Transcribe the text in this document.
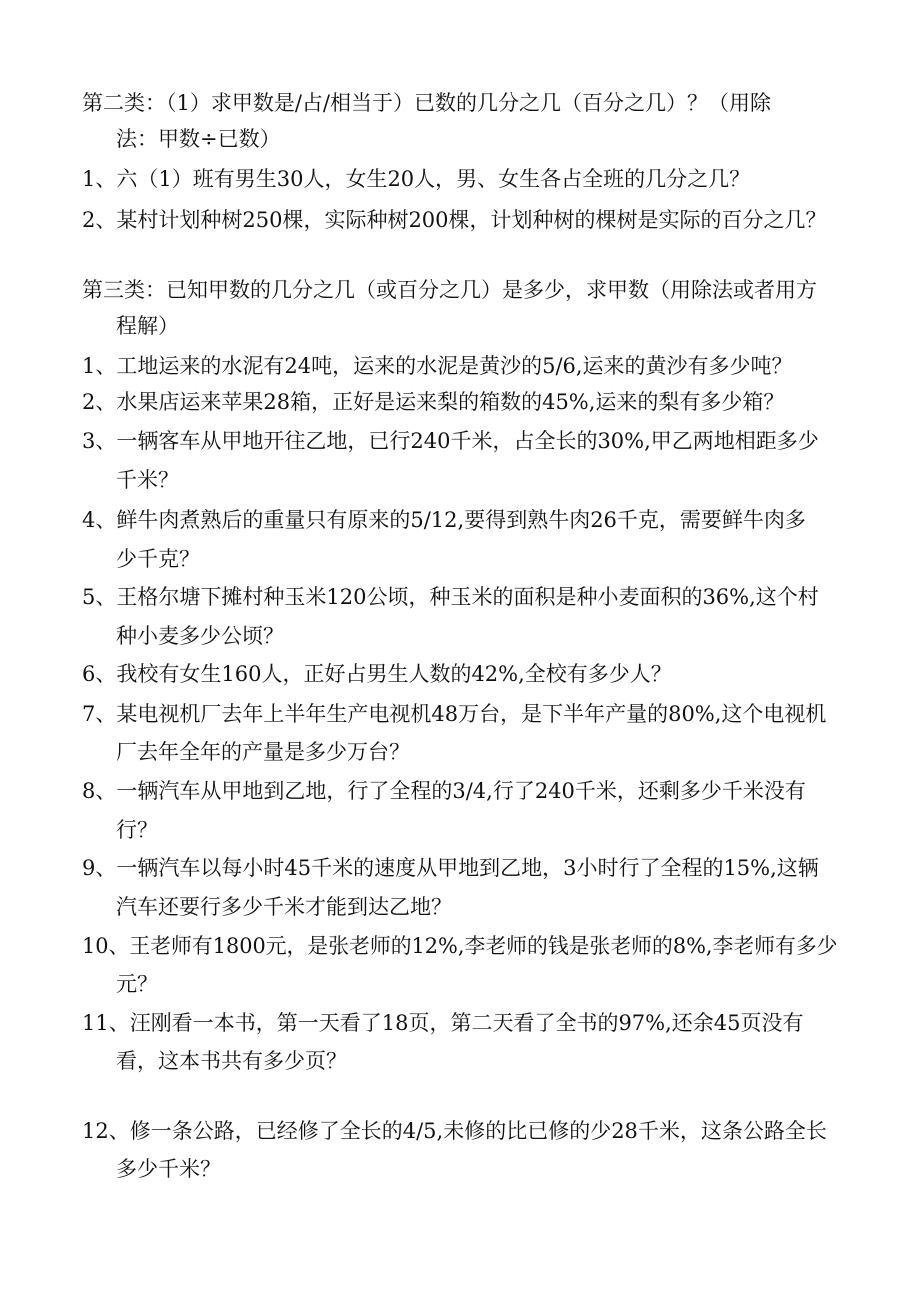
第二类：（1）求甲数是/占/相当于）已数的几分之几（百分之几）？（用除
法：甲数÷已数）
1、六（1）班有男生30人，女生20人，男、女生各占全班的几分之几？
2、某村计划种树250棵，实际种树200棵，计划种树的棵树是实际的百分之几？
第三类：已知甲数的几分之几（或百分之几）是多少，求甲数（用除法或者用方
程解）
1、工地运来的水泥有24吨，运来的水泥是黄沙的5/6,运来的黄沙有多少吨？
2、水果店运来苹果28箱，正好是运来梨的箱数的45%,运来的梨有多少箱？
3、一辆客车从甲地开往乙地，已行240千米，占全长的30%,甲乙两地相距多少
千米？
4、鲜牛肉煮熟后的重量只有原来的5/12,要得到熟牛肉26千克，需要鲜牛肉多
少千克？
5、王格尔塘下摊村种玉米120公顷，种玉米的面积是种小麦面积的36%,这个村
种小麦多少公顷？
6、我校有女生160人，正好占男生人数的42%,全校有多少人？
7、某电视机厂去年上半年生产电视机48万台，是下半年产量的80%,这个电视机
厂去年全年的产量是多少万台？
8、一辆汽车从甲地到乙地，行了全程的3/4,行了240千米，还剩多少千米没有
行？
9、一辆汽车以每小时45千米的速度从甲地到乙地，3小时行了全程的15%,这辆
汽车还要行多少千米才能到达乙地？
10、王老师有1800元，是张老师的12%,李老师的钱是张老师的8%,李老师有多少
元？
11、汪刚看一本书，第一天看了18页，第二天看了全书的97%,还余45页没有
看，这本书共有多少页？
12、修一条公路，已经修了全长的4/5,未修的比已修的少28千米，这条公路全长
多少千米？
